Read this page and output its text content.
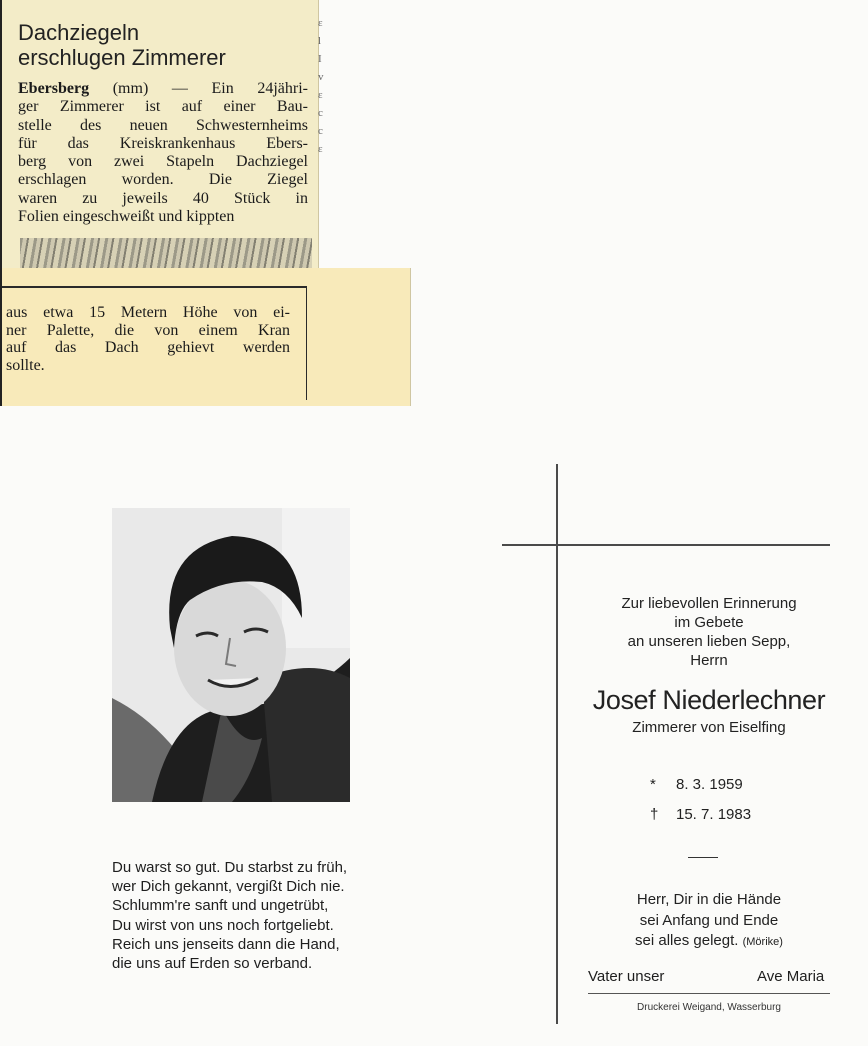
Dachziegeln
erschlugen Zimmerer
Ebersberg (mm) — Ein 24jähri-
ger Zimmerer ist auf einer Bau-
stelle des neuen Schwesternheims
für das Kreiskrankenhaus Ebers-
berg von zwei Stapeln Dachziegel
erschlagen worden. Die Ziegel
waren zu jeweils 40 Stück in
Folien eingeschweißt und kippten
ɛ
l
I
v
ε
c
c
ɛ
aus etwa 15 Metern Höhe von ei-
ner Palette, die von einem Kran
auf das Dach gehievt werden
sollte.
Du warst so gut. Du starbst zu früh,
wer Dich gekannt, vergißt Dich nie.
Schlumm're sanft und ungetrübt,
Du wirst von uns noch fortgeliebt.
Reich uns jenseits dann die Hand,
die uns auf Erden so verband.
Zur liebevollen Erinnerung
im Gebete
an unseren lieben Sepp,
Herrn
Josef Niederlechner
Zimmerer von Eiselfing
* 8. 3. 1959
† 15. 7. 1983
Herr, Dir in die Hände
sei Anfang und Ende
sei alles gelegt. (Mörike)
Vater unser	Ave Maria
Druckerei Weigand, Wasserburg
